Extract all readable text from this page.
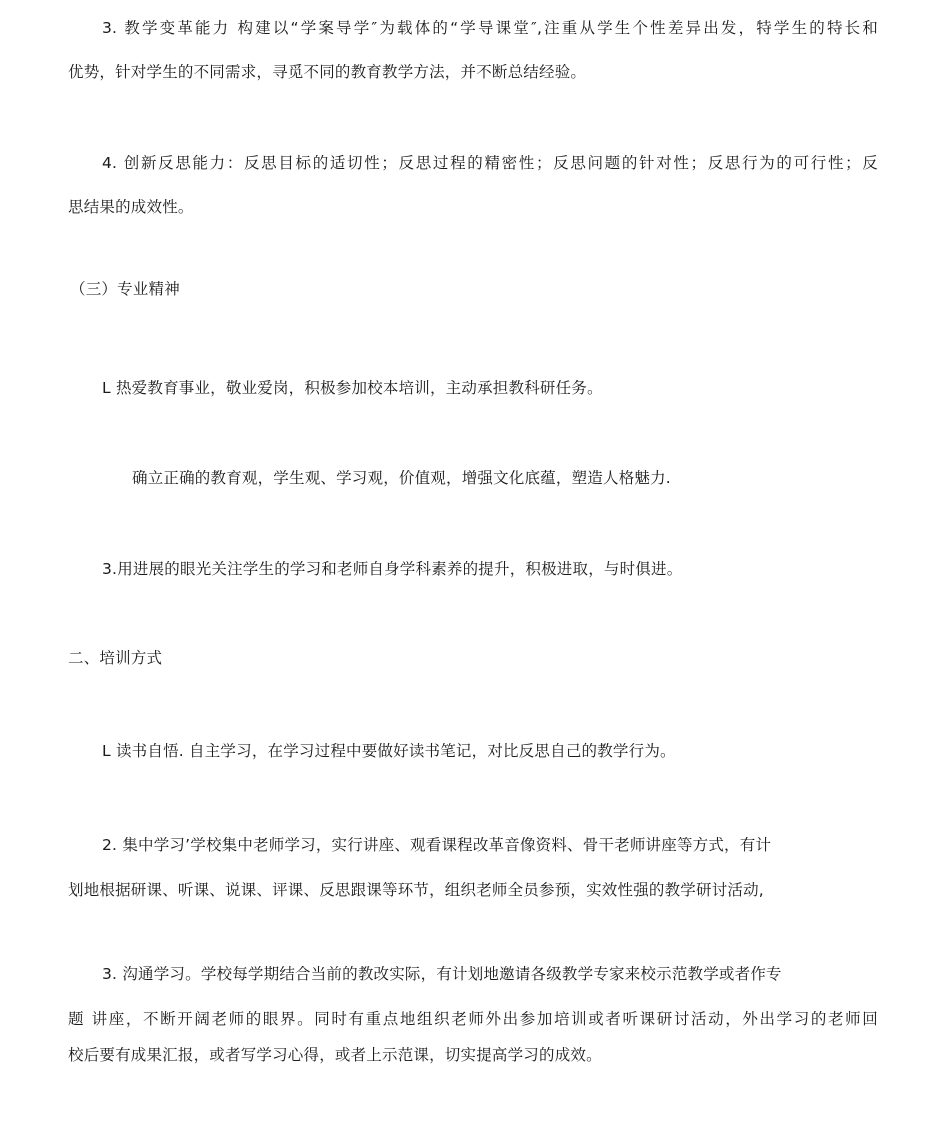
3. 教学变革能力 构建以“学案导学″为载体的“学导课堂″,注重从学生个性差异出发，特学生的特长和
优势，针对学生的不同需求，寻觅不同的教育教学方法，并不断总结经验。
4. 创新反思能力：反思目标的适切性；反思过程的精密性；反思问题的针对性；反思行为的可行性；反
思结果的成效性。
（三）专业精神
L 热爱教育事业，敬业爱岗，积极参加校本培训，主动承担教科研任务。
确立正确的教育观，学生观、学习观，价值观，增强文化底蕴，塑造人格魅力.
3.用进展的眼光关注学生的学习和老师自身学科素养的提升，积极进取，与时俱进。
二、培训方式
L 读书自悟. 自主学习，在学习过程中要做好读书笔记，对比反思自己的教学行为。
2. 集中学习’学校集中老师学习，实行讲座、观看课程改革音像资料、骨干老师讲座等方式，有计
划地根据研课、听课、说课、评课、反思跟课等环节，组织老师全员参预，实效性强的教学研讨活动,
3. 沟通学习。学校每学期结合当前的教改实际，有计划地邀请各级教学专家来校示范教学或者作专
题 讲座，不断开阔老师的眼界。同时有重点地组织老师外出参加培训或者听课研讨活动，外出学习的老师回
校后要有成果汇报，或者写学习心得，或者上示范课，切实提高学习的成效。
